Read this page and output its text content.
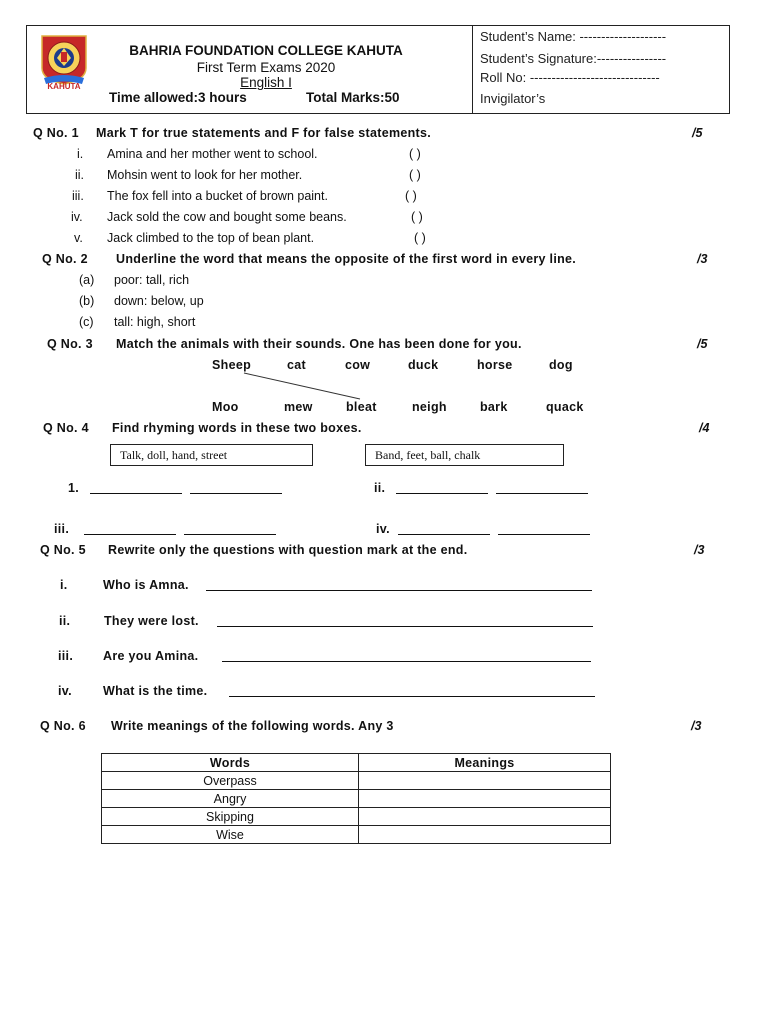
KAHUTA
BAHRIA FOUNDATION COLLEGE KAHUTA
First Term Exams 2020
English I
Time allowed:3 hours	Total Marks:50
Student’s Name: --------------------
Student’s Signature:----------------
Roll No: ------------------------------
Invigilator’s
Q No. 1 Mark T for true statements and F for false statements.	/5
i. Amina and her mother went to school.	( )
ii. Mohsin went to look for her mother.	( )
iii. The fox fell into a bucket of brown paint.	( )
iv. Jack sold the cow and bought some beans.	( )
v. Jack climbed to the top of bean plant.	( )
Q No. 2 Underline the word that means the opposite of the first word in every line.	/3
(a) poor: tall, rich
(b) down: below, up
(c) tall: high, short
Q No. 3 Match the animals with their sounds. One has been done for you.	/5
Sheep	cat	cow	duck	horse	dog
Moo	mew	bleat	neigh	bark	quack
Q No. 4 Find rhyming words in these two boxes.	/4
Talk, doll, hand, street	Band, feet, ball, chalk
1.	ii.
iii.	iv.
Q No. 5 Rewrite only the questions with question mark at the end.	/3
i.	Who is Amna.
ii.	They were lost.
iii. Are you Amina.
iv. What is the time.
Q No. 6 Write meanings of the following words. Any 3	/3
Words	Meanings
Overpass	
Angry	
Skipping	
Wise	
